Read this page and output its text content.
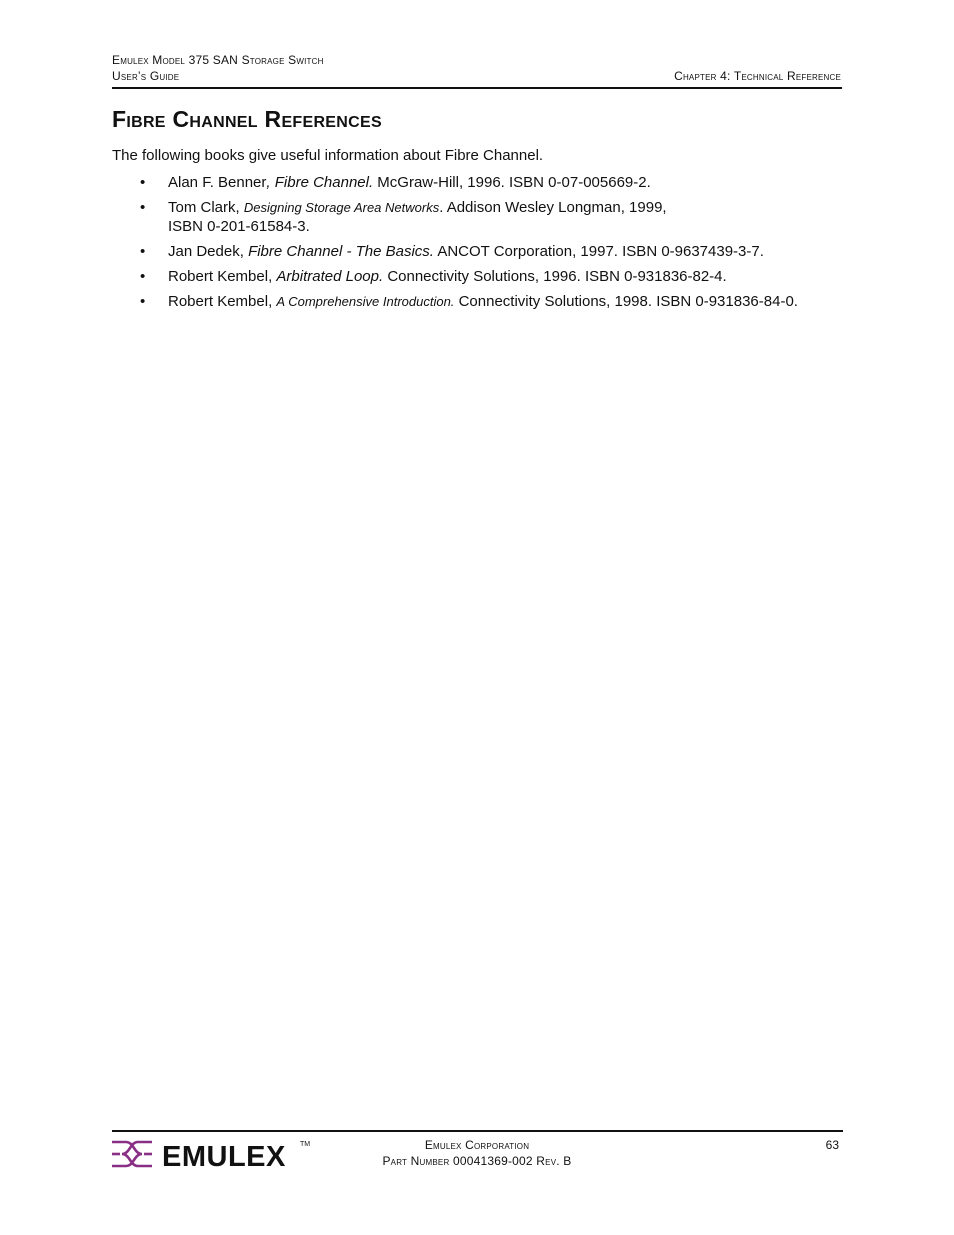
Emulex Model 375 SAN Storage Switch
User’s Guide	Chapter 4: Technical Reference
Fibre Channel References
The following books give useful information about Fibre Channel.
• Alan F. Benner, Fibre Channel. McGraw-Hill, 1996. ISBN 0-07-005669-2.
• Tom Clark, Designing Storage Area Networks. Addison Wesley Longman, 1999,
ISBN 0-201-61584-3.
• Jan Dedek, Fibre Channel - The Basics. ANCOT Corporation, 1997. ISBN 0-9637439-3-7.
• Robert Kembel, Arbitrated Loop. Connectivity Solutions, 1996. ISBN 0-931836-82-4.
• Robert Kembel, A Comprehensive Introduction. Connectivity Solutions, 1998. ISBN 0-931836-84-0.
EMULEX TM	Emulex Corporation
Part Number 00041369-002 Rev. B
63
